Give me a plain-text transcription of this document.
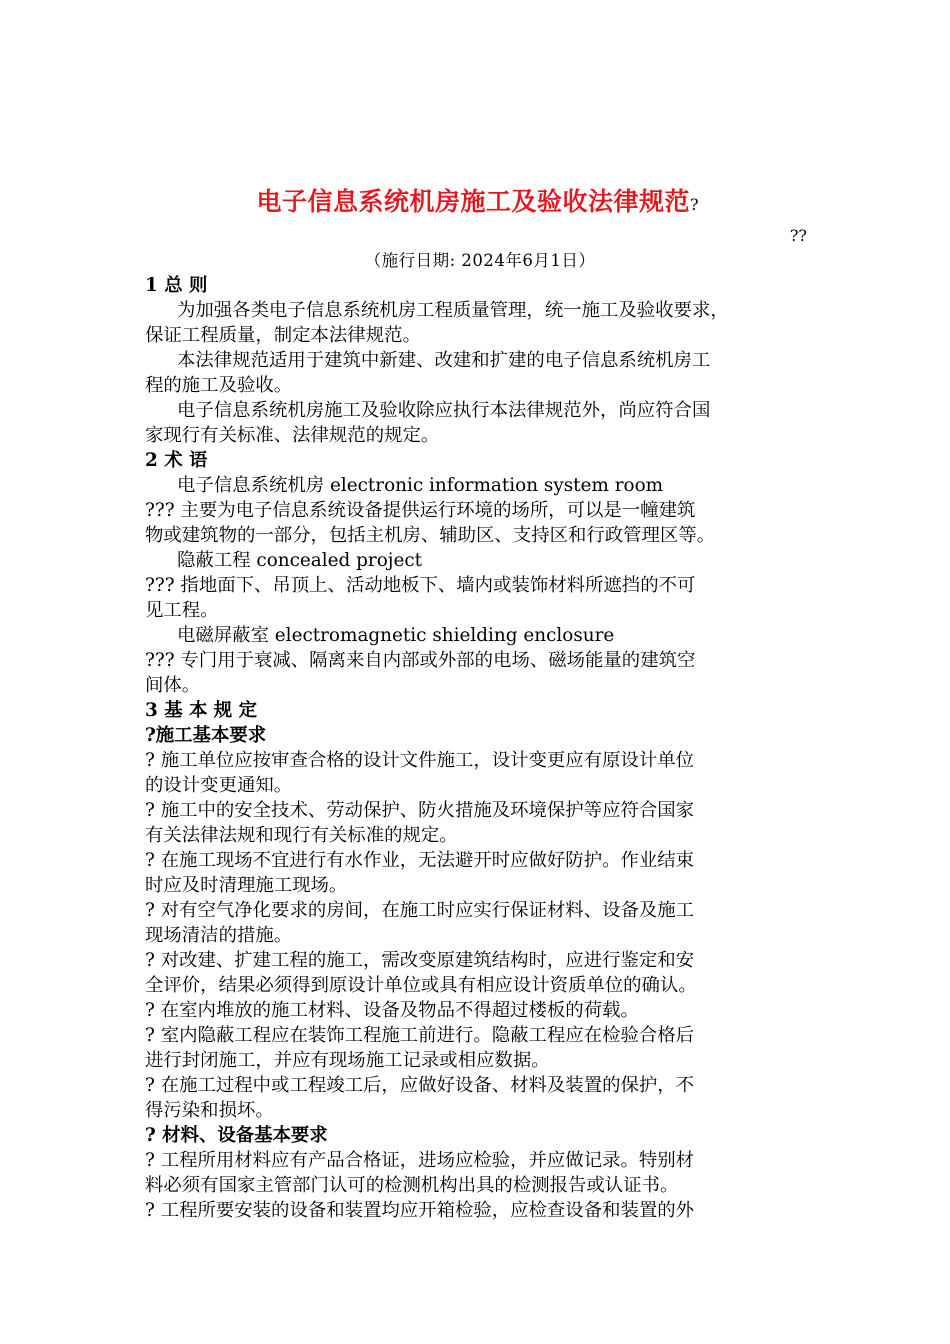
电子信息系统机房施工及验收法律规范?
??
（施行日期: 2024年6月1日）
1 总 则
为加强各类电子信息系统机房工程质量管理，统一施工及验收要求，
保证工程质量，制定本法律规范。
本法律规范适用于建筑中新建、改建和扩建的电子信息系统机房工
程的施工及验收。
电子信息系统机房施工及验收除应执行本法律规范外，尚应符合国
家现行有关标准、法律规范的规定。
2 术 语
电子信息系统机房 electronic information system room
??? 主要为电子信息系统设备提供运行环境的场所，可以是一幢建筑
物或建筑物的一部分，包括主机房、辅助区、支持区和行政管理区等。
隐蔽工程 concealed project
??? 指地面下、吊顶上、活动地板下、墙内或装饰材料所遮挡的不可
见工程。
电磁屏蔽室 electromagnetic shielding enclosure
??? 专门用于衰减、隔离来自内部或外部的电场、磁场能量的建筑空
间体。
3 基 本 规 定
?施工基本要求
? 施工单位应按审查合格的设计文件施工，设计变更应有原设计单位
的设计变更通知。
? 施工中的安全技术、劳动保护、防火措施及环境保护等应符合国家
有关法律法规和现行有关标准的规定。
? 在施工现场不宜进行有水作业，无法避开时应做好防护。作业结束
时应及时清理施工现场。
? 对有空气净化要求的房间，在施工时应实行保证材料、设备及施工
现场清洁的措施。
? 对改建、扩建工程的施工，需改变原建筑结构时，应进行鉴定和安
全评价，结果必须得到原设计单位或具有相应设计资质单位的确认。
? 在室内堆放的施工材料、设备及物品不得超过楼板的荷载。
? 室内隐蔽工程应在装饰工程施工前进行。隐蔽工程应在检验合格后
进行封闭施工，并应有现场施工记录或相应数据。
? 在施工过程中或工程竣工后，应做好设备、材料及装置的保护，不
得污染和损坏。
? 材料、设备基本要求
? 工程所用材料应有产品合格证，进场应检验，并应做记录。特别材
料必须有国家主管部门认可的检测机构出具的检测报告或认证书。
? 工程所要安装的设备和装置均应开箱检验，应检查设备和装置的外
